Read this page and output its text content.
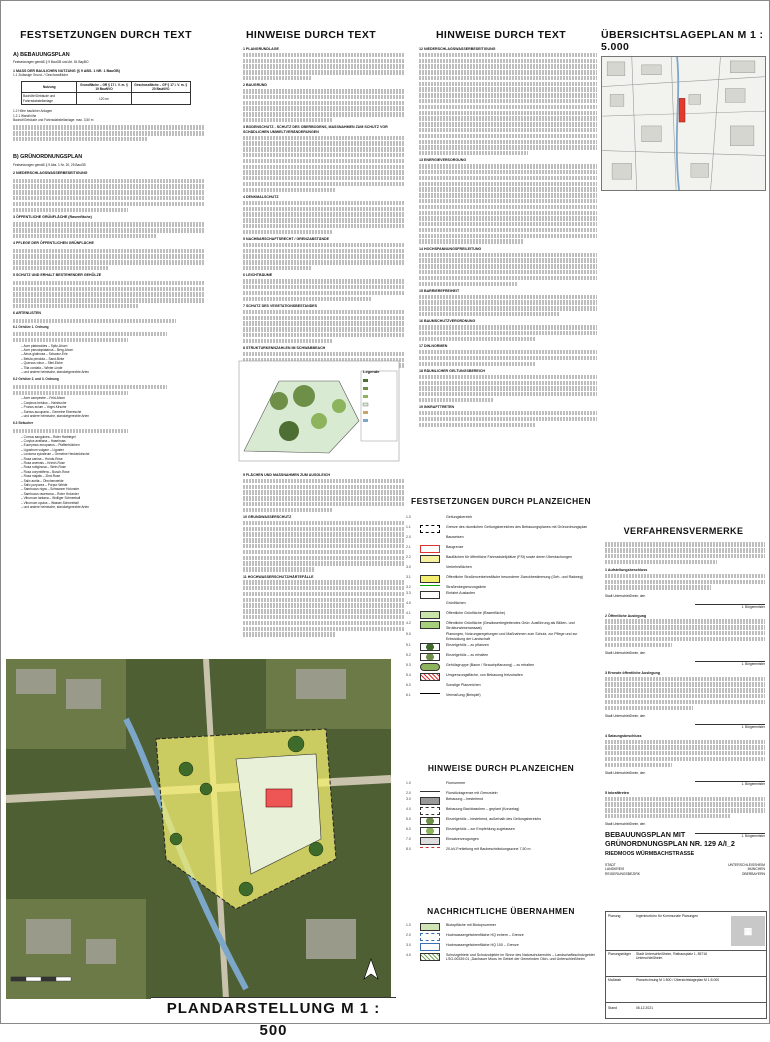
FESTSETZUNGEN DURCH TEXT	HINWEISE DURCH TEXT	HINWEISE DURCH TEXT	ÜBERSICHTSLAGEPLAN M 1 : 5.000
A) BEBAUUNGSPLAN
Festsetzungen gemäß § 9 BauGB und Art. 81 BayBO
1 MASS DER BAULICHEN NUTZUNG (§ 9 ABS. 1 NR. 1 BauGB)
1.1 Zulässige Grund- / Geschossfläche
Nutzung	Grundfläche – GR § 17 i. V. m. § 19 BauNVO	Geschossfläche – GF § 17 i. V. m. § 20 BauNVO
Bauhöfe/Gebäude und Fahrradabstellanlage	120 m²	
1.2 Höhe baulicher Anlagen
1.2.1 Wandhöhe
Bauhof/Gebäude und Fahrradabstellanlage: max. 3,50 m
B) GRÜNORDNUNGSPLAN
Festsetzungen gemäß § 9 Abs. 1 Nr. 20, 25 BauGB
2 NIEDERSCHLAGSWASSERBESEITIGUNG
3 ÖFFENTLICHE GRÜNFLÄCHE (Rasenfläche)
4 PFLEGE DER ÖFFENTLICHEN GRÜNFLÄCHE
5 SCHUTZ UND ERHALT BESTEHENDER GEHÖLZE
6 ARTENLISTEN
6.1 Gehölze 1. Ordnung
– Acer platanoides – Spitz-Ahorn
– Acer pseudoplatanus – Berg-Ahorn
– Alnus glutinosa – Schwarz-Erle
– Betula pendula – Sand-Birke
– Quercus robur – Stiel-Eiche
– Tilia cordata – Winter-Linde
– und andere heimische, standortgerechte Arten
6.2 Gehölze 2. und 3. Ordnung
– Acer campestre – Feld-Ahorn
– Carpinus betulus – Hainbuche
– Prunus avium – Vogel-Kirsche
– Sorbus aucuparia – Gemeine Eberesche
– und andere heimische, standortgerechte Arten
6.3 Sträucher
– Cornus sanguinea – Roter Hartriegel
– Corylus avellana – Haselnuss
– Euonymus europaeus – Pfaffenhütchen
– Ligustrum vulgare – Liguster
– Lonicera xylosteum – Gemeine Heckenkirsche
– Rosa canina – Hunds-Rose
– Rosa arvensis – Kriech-Rose
– Rosa rubiginosa – Wein-Rose
– Rosa corymbifera – Busch-Rose
– Rosa majalis – Zimt-Rose
– Salix aurita – Öhrchenweide
– Salix purpurea – Purpur-Weide
– Sambucus nigra – Schwarzer Holunder
– Sambucus racemosa – Roter Holunder
– Viburnum lantana – Wolliger Schneeball
– Viburnum opulus – Wasser-Schneeball
– und andere heimische, standortgerechte Arten
1 PLANGRUNDLAGE
2 BAUGRUND
3 BODENSCHUTZ - SCHUTZ DES OBERBODENS, MASSNAHMEN ZUM SCHUTZ VOR SCHÄDLICHEN UMWELTVERÄNDERUNGEN
4 DENKMALSCHUTZ
5 NACHBARSCHAFTSRECHT / GRENZABSTÄNDE
6 LEICHTBÄUME
7 SCHUTZ DES VEGETATIONSBESTANDES
8 STRUKTURKENNZAHLEN IM SCHWABBEACH
9 FLÄCHEN UND MASSNAHMEN ZUM AUSGLEICH
10 GRUNDWASSERSCHUTZ
11 HOCHWASSERSCHUTZ/HÄRTEFÄLLE
Legende
12 NIEDERSCHLAGSWASSERBESEITIGUNG
13 ENERGIEVERSORGUNG
14 HOCHSPANNUNGSFREILEITUNG
15 BARRIEREFREIHEIT
16 BAUMSCHUTZVERORDNUNG
17 DIN-NORMEN
18 RÄUMLICHER GELTUNGSBEREICH
19 INKRAFTTRETEN
FESTSETZUNGEN DURCH PLANZEICHEN
1.0	Geltungsbereich
1.1	Grenze des räumlichen Geltungsbereiches des Bebauungsplanes mit Grünordnungsplan
2.0	Bauweisen
2.1	Baugrenze
2.2	Bauflächen für öffentliche Fahrradstellplätze (FSt) sowie deren Überdachungen
3.0	Verkehrsflächen
3.1	Öffentliche Straßenverkehrsfläche besonderer Zweckbestimmung (Geh- und Radweg)
3.2	Straßenbegrenzungslinie
3.3	Einfahrt Auslaufen
4.0	Grünflächen
4.1	Öffentliche Grünfläche (Rasenfläche)
4.2	Öffentliche Grünfläche (Gewässerbegleitendes Grün: Ausführung als Blüten- und Strukturwiesenansaat)
5.0	Planungen, Nutzungsregelungen und Maßnahmen zum Schutz, zur Pflege und zur Entwicklung der Landschaft
5.1	Einzelgehölz – zu pflanzen
5.2	Einzelgehölz – zu erhalten
5.3	Gehölzgruppe (Baum / Strauchpflanzung) – zu erhalten
5.4	Umgrenzungsfläche, von Bebauung freizuhalten
6.0	Sonstige Planzeichen
6.1	Vermaßung (Beispiel)
HINWEISE DURCH PLANZEICHEN
1.0	Flurnummer
2.0	Flurstücksgrenze mit Grenzstein
3.0	Bebauung – bestehend
4.0	Bebauung Bachbaschen – geplant (Konzelag)
5.0	Einzelgehölz – bestehend, außerhalb des Geltungsbereichs
6.0	Einzelgehölz – zur Empfehlung zugelassen
7.0	Einsatzerzeugungen
8.0	20-kV-Freileitung mit Baubeschränkungszone 7,50 m
NACHRICHTLICHE ÜBERNAHMEN
1.0	Biotopfläche mit Biotopnummer
2.0	Hochwassergefahrenfläche HQ extrem – Grenze
3.0	Hochwassergefahrenfläche HQ 100 – Grenze
4.0	Schutzgebiete und Schutzobjekte im Sinne des Naturschutzrechts – Landschaftsschutzgebiet LSG-00339.01 „Dachauer Moos im Gebiet der Gemeinden Olch- und Unterschleißheim
VERFAHRENSVERMERKE
1 Aufstellungsbeschluss
Stadt Unterschleißheim, den
1. Bürgermeister
2 Öffentliche Auslegung
Stadt Unterschleißheim, den
1. Bürgermeister
3 Erneute öffentliche Auslegung
Stadt Unterschleißheim, den
1. Bürgermeister
4 Satzungsbeschluss
Stadt Unterschleißheim, den
1. Bürgermeister
5 Inkrafttreten
Stadt Unterschleißheim, den
1. Bürgermeister
BEBAUUNGSPLAN MIT GRÜNORDNUNGSPLAN NR. 129 A/I_2
RIEDMOOS WÜRMBACHSTRASSE
STADT	UNTERSCHLEISSHEIM
LANDKREIS	MÜNCHEN
REGIERUNGSBEZIRK	OBERBAYERN
Planung	Ingenieurbüro für Kommunale Planungen
▦
Planungsträger Stadt Unterschleißheim, Rathausplatz 1, 85716 Unterschleißheim
Maßstab	Planzeichnung M 1:500 / Übersichtslageplan M 1:5.000
Stand	06.12.2021
PLANDARSTELLUNG M 1 : 500
